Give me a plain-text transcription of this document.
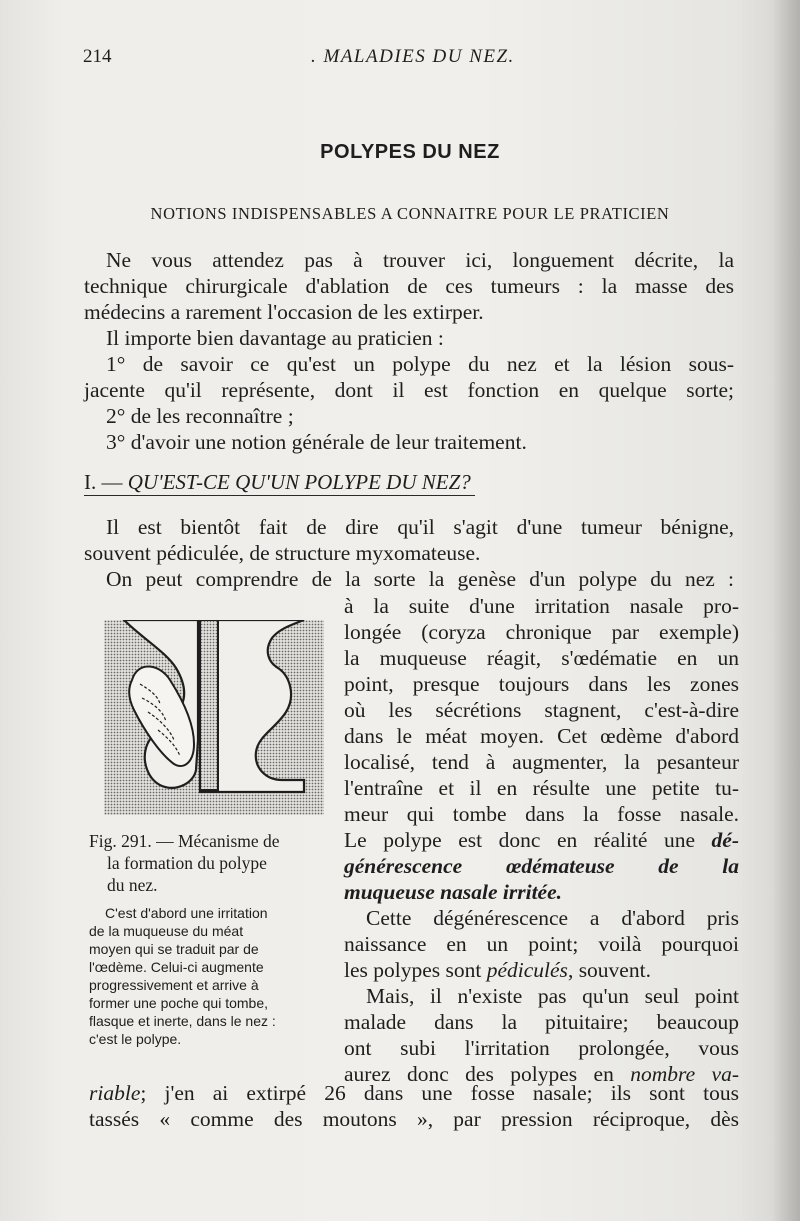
214	. MALADIES DU NEZ.
POLYPES DU NEZ
NOTIONS INDISPENSABLES A CONNAITRE POUR LE PRATICIEN
Ne vous attendez pas à trouver ici, longuement décrite, la
technique chirurgicale d'ablation de ces tumeurs : la masse des
médecins a rarement l'occasion de les extirper.
Il importe bien davantage au praticien :
1° de savoir ce qu'est un polype du nez et la lésion sous-
jacente qu'il représente, dont il est fonction en quelque sorte;
2° de les reconnaître ;
3° d'avoir une notion générale de leur traitement.
I. — QU'EST-CE QU'UN POLYPE DU NEZ?
Il est bientôt fait de dire qu'il s'agit d'une tumeur bénigne,
souvent pédiculée, de structure myxomateuse.
On peut comprendre de la sorte la genèse d'un polype du nez :
Fig. 291. — Mécanisme de
la formation du polype
du nez.
C'est d'abord une irritation
de la muqueuse du méat
moyen qui se traduit par de
l'œdème. Celui-ci augmente
progressivement et arrive à
former une poche qui tombe,
flasque et inerte, dans le nez :
c'est le polype.
à la suite d'une irritation nasale pro-
longée (coryza chronique par exemple)
la muqueuse réagit, s'œdématie en un
point, presque toujours dans les zones
où les sécrétions stagnent, c'est-à-dire
dans le méat moyen. Cet œdème d'abord
localisé, tend à augmenter, la pesanteur
l'entraîne et il en résulte une petite tu-
meur qui tombe dans la fosse nasale.
Le polype est donc en réalité une dé-
générescence œdémateuse de la
muqueuse nasale irritée.
Cette dégénérescence a d'abord pris
naissance en un point; voilà pourquoi
les polypes sont pédiculés, souvent.
Mais, il n'existe pas qu'un seul point
malade dans la pituitaire; beaucoup
ont subi l'irritation prolongée, vous
aurez donc des polypes en nombre va-
riable; j'en ai extirpé 26 dans une fosse nasale; ils sont tous
tassés « comme des moutons », par pression réciproque, dès
